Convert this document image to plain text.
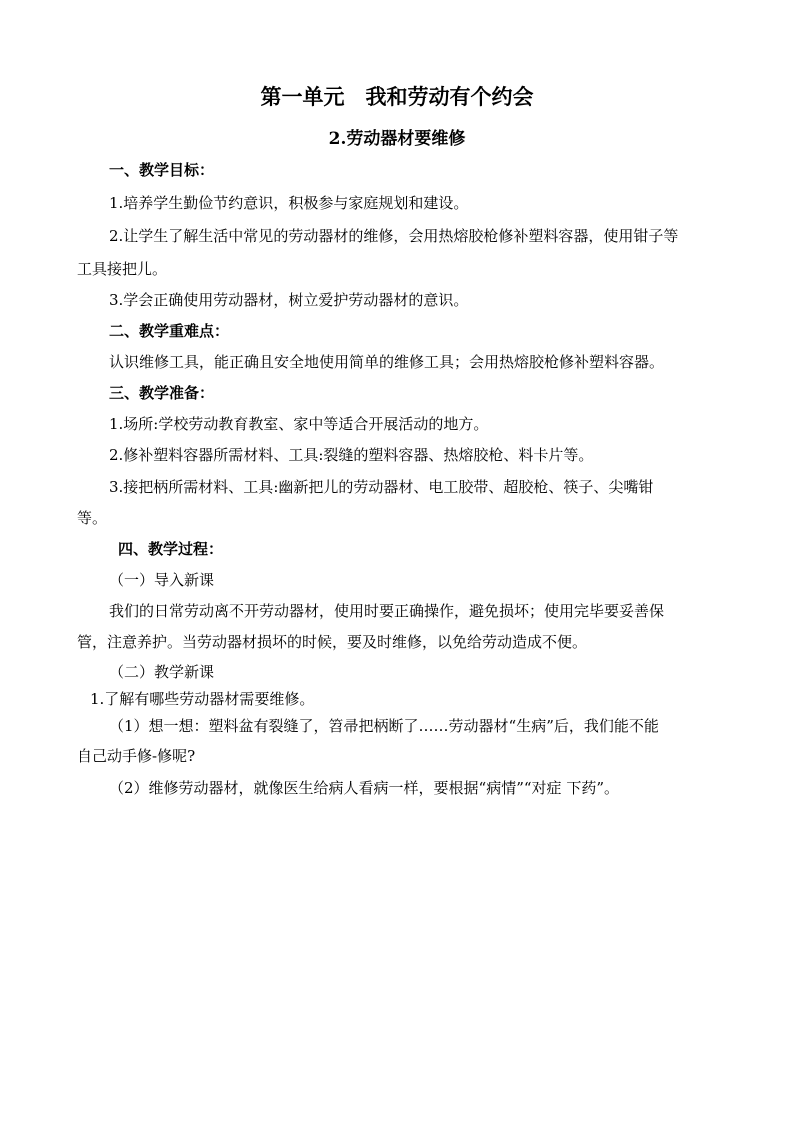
第一单元　我和劳动有个约会
2.劳动器材要维修
一、教学目标：
1.培养学生勤俭节约意识，积极参与家庭规划和建设。
2.让学生了解生活中常见的劳动器材的维修，会用热熔胶枪修补塑料容器，使用钳子等
工具接把儿。
3.学会正确使用劳动器材，树立爱护劳动器材的意识。
二、教学重难点：
认识维修工具，能正确且安全地使用简单的维修工具；会用热熔胶枪修补塑料容器。
三、教学准备：
1.场所:学校劳动教育教室、家中等适合开展活动的地方。
2.修补塑料容器所需材料、工具:裂缝的塑料容器、热熔胶枪、料卡片等。
3.接把柄所需材料、工具:幽新把儿的劳动器材、电工胶带、超胶枪、筷子、尖嘴钳
等。
四、教学过程：
（一）导入新课
我们的日常劳动离不开劳动器材，使用时要正确操作，避免损坏；使用完毕要妥善保
管，注意养护。当劳动器材损坏的时候，要及时维修，以免给劳动造成不便。
（二）教学新课
1.了解有哪些劳动器材需要维修。
（1）想一想：塑料盆有裂缝了，笤帚把柄断了……劳动器材“生病”后，我们能不能
自己动手修-修呢?
（2）维修劳动器材，就像医生给病人看病一样，要根据“病情”“对症 下药”。
